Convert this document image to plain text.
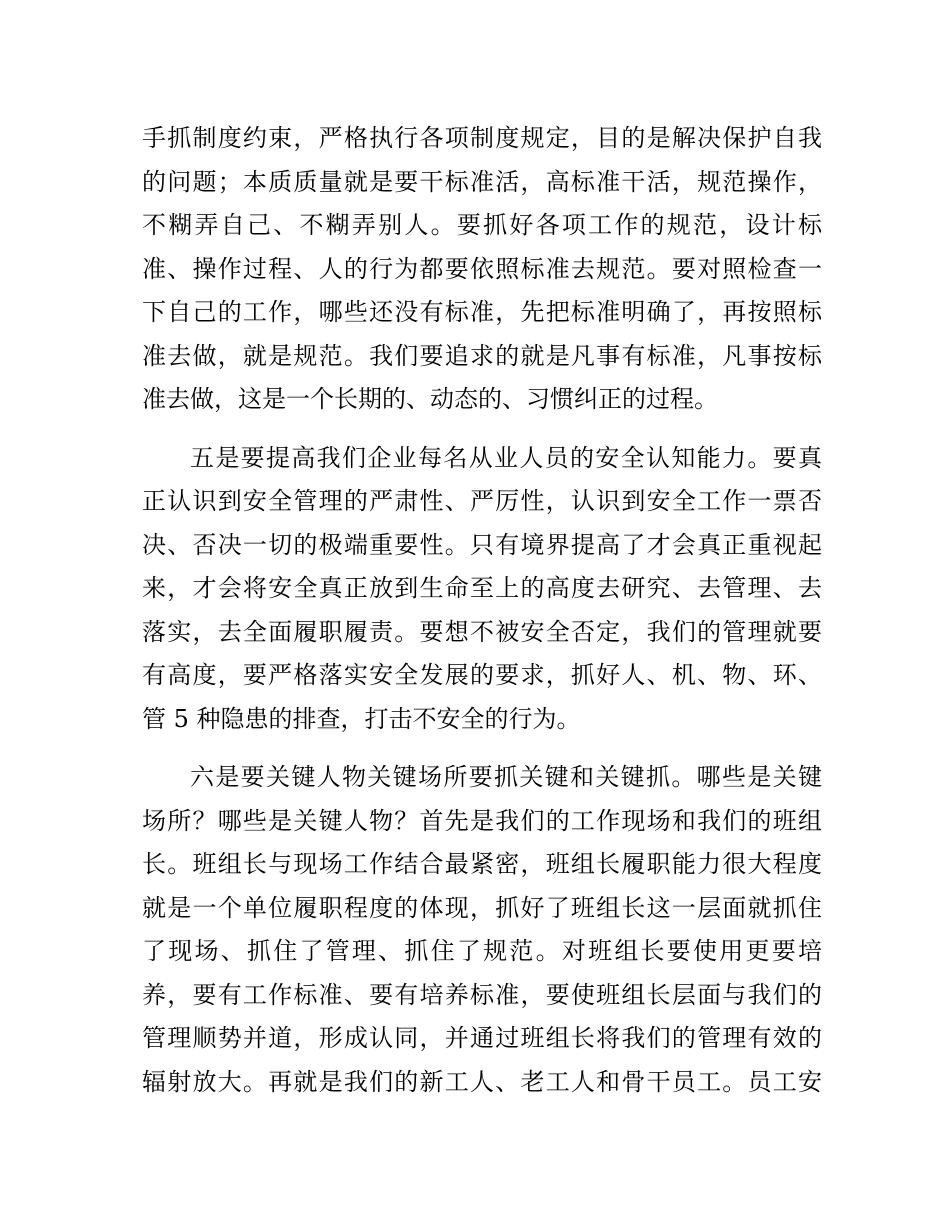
手抓制度约束，严格执行各项制度规定，目的是解决保护自我
的问题；本质质量就是要干标准活，高标准干活，规范操作，
不糊弄自己、不糊弄别人。要抓好各项工作的规范，设计标
准、操作过程、人的行为都要依照标准去规范。要对照检查一
下自己的工作，哪些还没有标准，先把标准明确了，再按照标
准去做，就是规范。我们要追求的就是凡事有标准，凡事按标
准去做，这是一个长期的、动态的、习惯纠正的过程。
五是要提高我们企业每名从业人员的安全认知能力。要真
正认识到安全管理的严肃性、严厉性，认识到安全工作一票否
决、否决一切的极端重要性。只有境界提高了才会真正重视起
来，才会将安全真正放到生命至上的高度去研究、去管理、去
落实，去全面履职履责。要想不被安全否定，我们的管理就要
有高度，要严格落实安全发展的要求，抓好人、机、物、环、
管 5 种隐患的排查，打击不安全的行为。
六是要关键人物关键场所要抓关键和关键抓。哪些是关键
场所？哪些是关键人物？首先是我们的工作现场和我们的班组
长。班组长与现场工作结合最紧密，班组长履职能力很大程度
就是一个单位履职程度的体现，抓好了班组长这一层面就抓住
了现场、抓住了管理、抓住了规范。对班组长要使用更要培
养，要有工作标准、要有培养标准，要使班组长层面与我们的
管理顺势并道，形成认同，并通过班组长将我们的管理有效的
辐射放大。再就是我们的新工人、老工人和骨干员工。员工安
